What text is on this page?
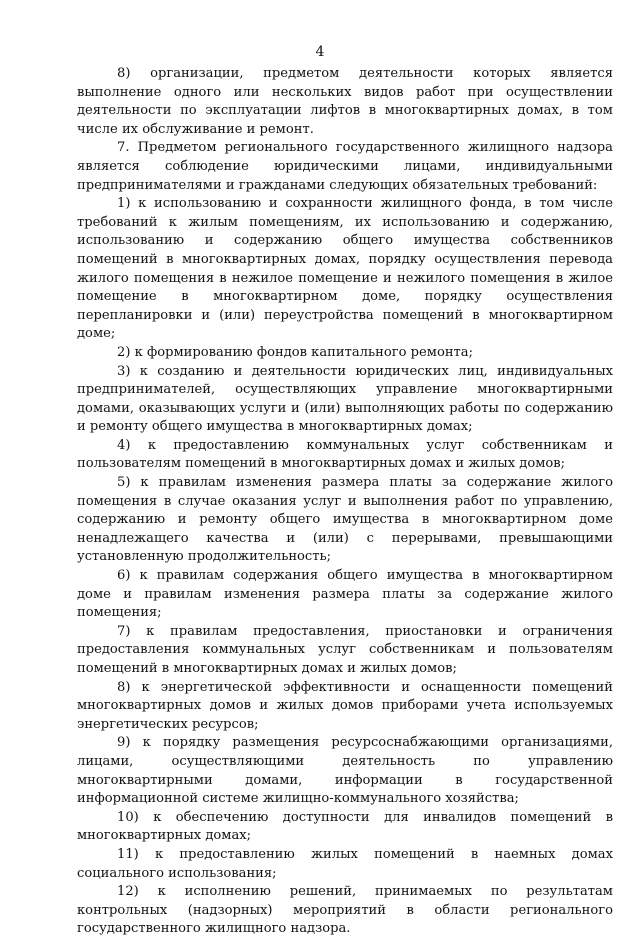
4

8) организации, предметом деятельности которых является выполнение одного или нескольких видов работ при осуществлении деятельности по эксплуатации лифтов в многоквартирных домах, в том числе их обслуживание и ремонт.

7. Предметом регионального государственного жилищного надзора является соблюдение юридическими лицами, индивидуальными предпринимателями и гражданами следующих обязательных требований:

1) к использованию и сохранности жилищного фонда, в том числе требований к жилым помещениям, их использованию и содержанию, использованию и содержанию общего имущества собственников помещений в многоквартирных домах, порядку осуществления перевода жилого помещения в нежилое помещение и нежилого помещения в жилое помещение в многоквартирном доме, порядку осуществления перепланировки и (или) переустройства помещений в многоквартирном доме;

2) к формированию фондов капитального ремонта;

3) к созданию и деятельности юридических лиц, индивидуальных предпринимателей, осуществляющих управление многоквартирными домами, оказывающих услуги и (или) выполняющих работы по содержанию и ремонту общего имущества в многоквартирных домах;

4) к предоставлению коммунальных услуг собственникам и пользователям помещений в многоквартирных домах и жилых домов;

5) к правилам изменения размера платы за содержание жилого помещения в случае оказания услуг и выполнения работ по управлению, содержанию и ремонту общего имущества в многоквартирном доме ненадлежащего качества и (или) с перерывами, превышающими установленную продолжительность;

6) к правилам содержания общего имущества в многоквартирном доме и правилам изменения размера платы за содержание жилого помещения;

7) к правилам предоставления, приостановки и ограничения предоставления коммунальных услуг собственникам и пользователям помещений в многоквартирных домах и жилых домов;

8) к энергетической эффективности и оснащенности помещений многоквартирных домов и жилых домов приборами учета используемых энергетических ресурсов;

9) к порядку размещения ресурсоснабжающими организациями, лицами, осуществляющими деятельность по управлению многоквартирными домами, информации в государственной информационной системе жилищно-коммунального хозяйства;

10) к обеспечению доступности для инвалидов помещений в многоквартирных домах;

11) к предоставлению жилых помещений в наемных домах социального использования;

12) к исполнению решений, принимаемых по результатам контрольных (надзорных) мероприятий в области регионального государственного жилищного надзора.
